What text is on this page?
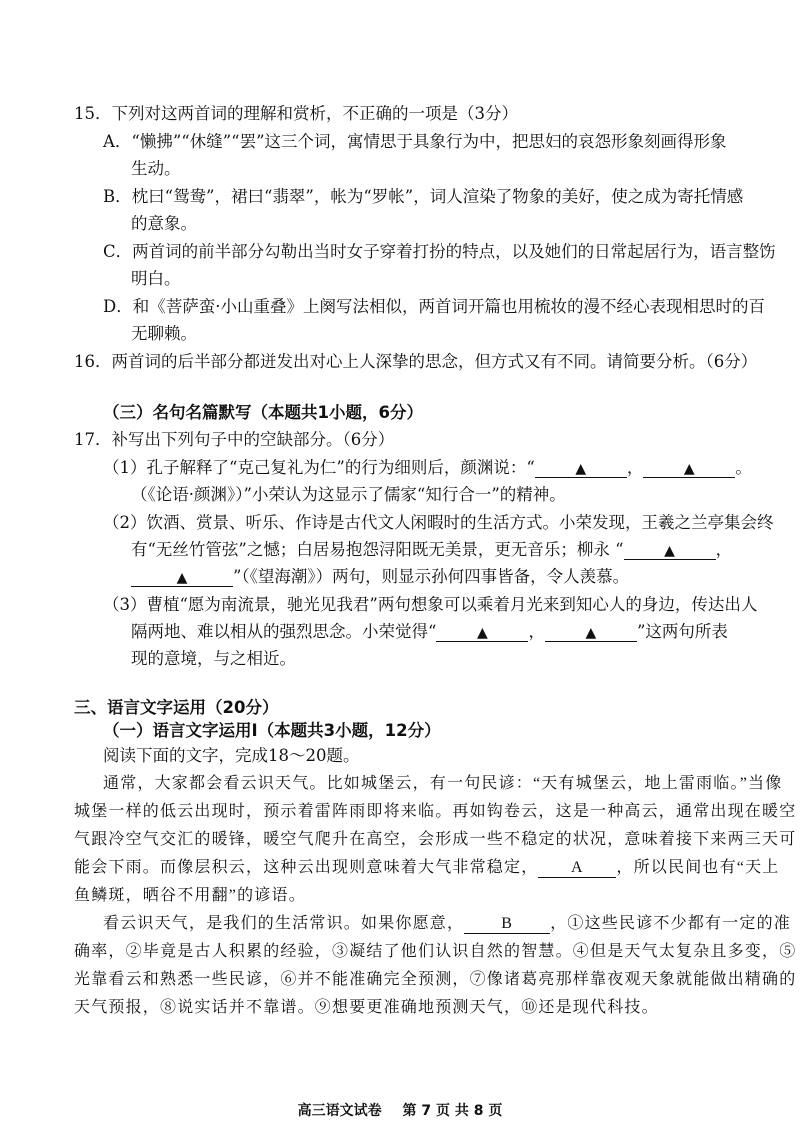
15．下列对这两首词的理解和赏析，不正确的一项是（3分）
A．“懒拂”“休缝”“罢”这三个词，寓情思于具象行为中，把思妇的哀怨形象刻画得形象
生动。
B．枕曰“鸳鸯”，裙曰“翡翠”，帐为“罗帐”，词人渲染了物象的美好，使之成为寄托情感
的意象。
C．两首词的前半部分勾勒出当时女子穿着打扮的特点，以及她们的日常起居行为，语言整饬
明白。
D．和《菩萨蛮·小山重叠》上阕写法相似，两首词开篇也用梳妆的漫不经心表现相思时的百
无聊赖。
16．两首词的后半部分都迸发出对心上人深挚的思念，但方式又有不同。请简要分析。（6分）
（三）名句名篇默写（本题共1小题，6分）
17．补写出下列句子中的空缺部分。（6分）
（1）孔子解释了“克己复礼为仁”的行为细则后，颜渊说：“	▲ ，	▲ 。
（《论语·颜渊》）”小荣认为这显示了儒家“知行合一”的精神。
（2）饮酒、赏景、听乐、作诗是古代文人闲暇时的生活方式。小荣发现，王羲之兰亭集会终
有“无丝竹管弦”之憾；白居易抱怨浔阳既无美景，更无音乐；柳永 “	▲ ，
▲	”（《望海潮》）两句，则显示孙何四事皆备，令人羡慕。
（3）曹植“愿为南流景，驰光见我君”两句想象可以乘着月光来到知心人的身边，传达出人
隔两地、难以相从的强烈思念。小荣觉得“	▲ ，	▲ ”这两句所表
现的意境，与之相近。
三、语言文字运用（20分）
（一）语言文字运用Ⅰ（本题共3小题，12分）
阅读下面的文字，完成18～20题。
通常，大家都会看云识天气。比如城堡云，有一句民谚：“天有城堡云，地上雷雨临。”当像
城堡一样的低云出现时，预示着雷阵雨即将来临。再如钩卷云，这是一种高云，通常出现在暖空
气跟冷空气交汇的暖锋，暖空气爬升在高空，会形成一些不稳定的状况，意味着接下来两三天可
能会下雨。而像层积云，这种云出现则意味着大气非常稳定， A ，所以民间也有“天上
鱼鳞斑，晒谷不用翻”的谚语。
看云识天气，是我们的生活常识。如果你愿意， B ，①这些民谚不少都有一定的准
确率，②毕竟是古人积累的经验，③凝结了他们认识自然的智慧。④但是天气太复杂且多变，⑤
光靠看云和熟悉一些民谚，⑥并不能准确完全预测，⑦像诸葛亮那样靠夜观天象就能做出精确的
天气预报，⑧说实话并不靠谱。⑨想要更准确地预测天气，⑩还是现代科技。
高三语文试卷 第 7 页 共 8 页
